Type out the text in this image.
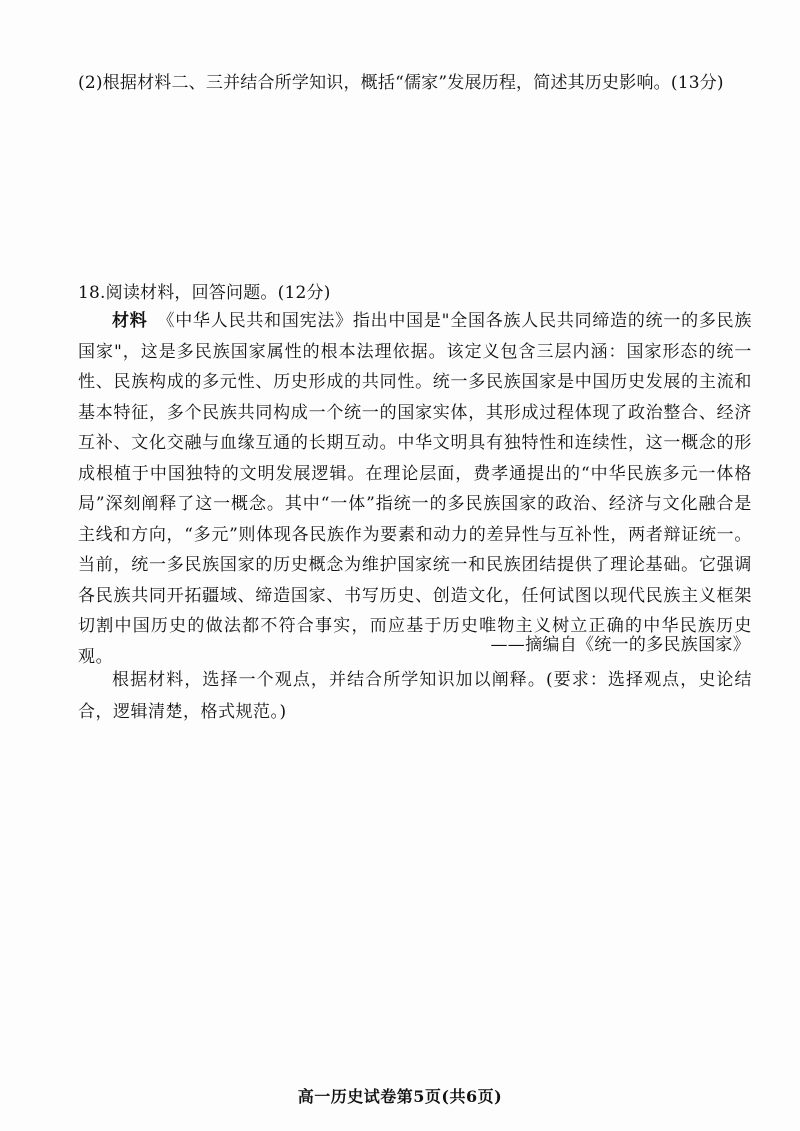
(2)根据材料二、三并结合所学知识，概括“儒家”发展历程，简述其历史影响。(13分)
18.阅读材料，回答问题。(12分)
材料 《中华人民共和国宪法》指出中国是"全国各族人民共同缔造的统一的多民族国家"，这是多民族国家属性的根本法理依据。该定义包含三层内涵：国家形态的统一性、民族构成的多元性、历史形成的共同性。统一多民族国家是中国历史发展的主流和基本特征，多个民族共同构成一个统一的国家实体，其形成过程体现了政治整合、经济互补、文化交融与血缘互通的长期互动。中华文明具有独特性和连续性，这一概念的形成根植于中国独特的文明发展逻辑。在理论层面，费孝通提出的“中华民族多元一体格局”深刻阐释了这一概念。其中“一体”指统一的多民族国家的政治、经济与文化融合是主线和方向，“多元”则体现各民族作为要素和动力的差异性与互补性，两者辩证统一。当前，统一多民族国家的历史概念为维护国家统一和民族团结提供了理论基础。它强调各民族共同开拓疆域、缔造国家、书写历史、创造文化，任何试图以现代民族主义框架切割中国历史的做法都不符合事实，而应基于历史唯物主义树立正确的中华民族历史观。
——摘编自《统一的多民族国家》
根据材料，选择一个观点，并结合所学知识加以阐释。(要求：选择观点，史论结合，逻辑清楚，格式规范。)
高一历史试卷第5页(共6页)
